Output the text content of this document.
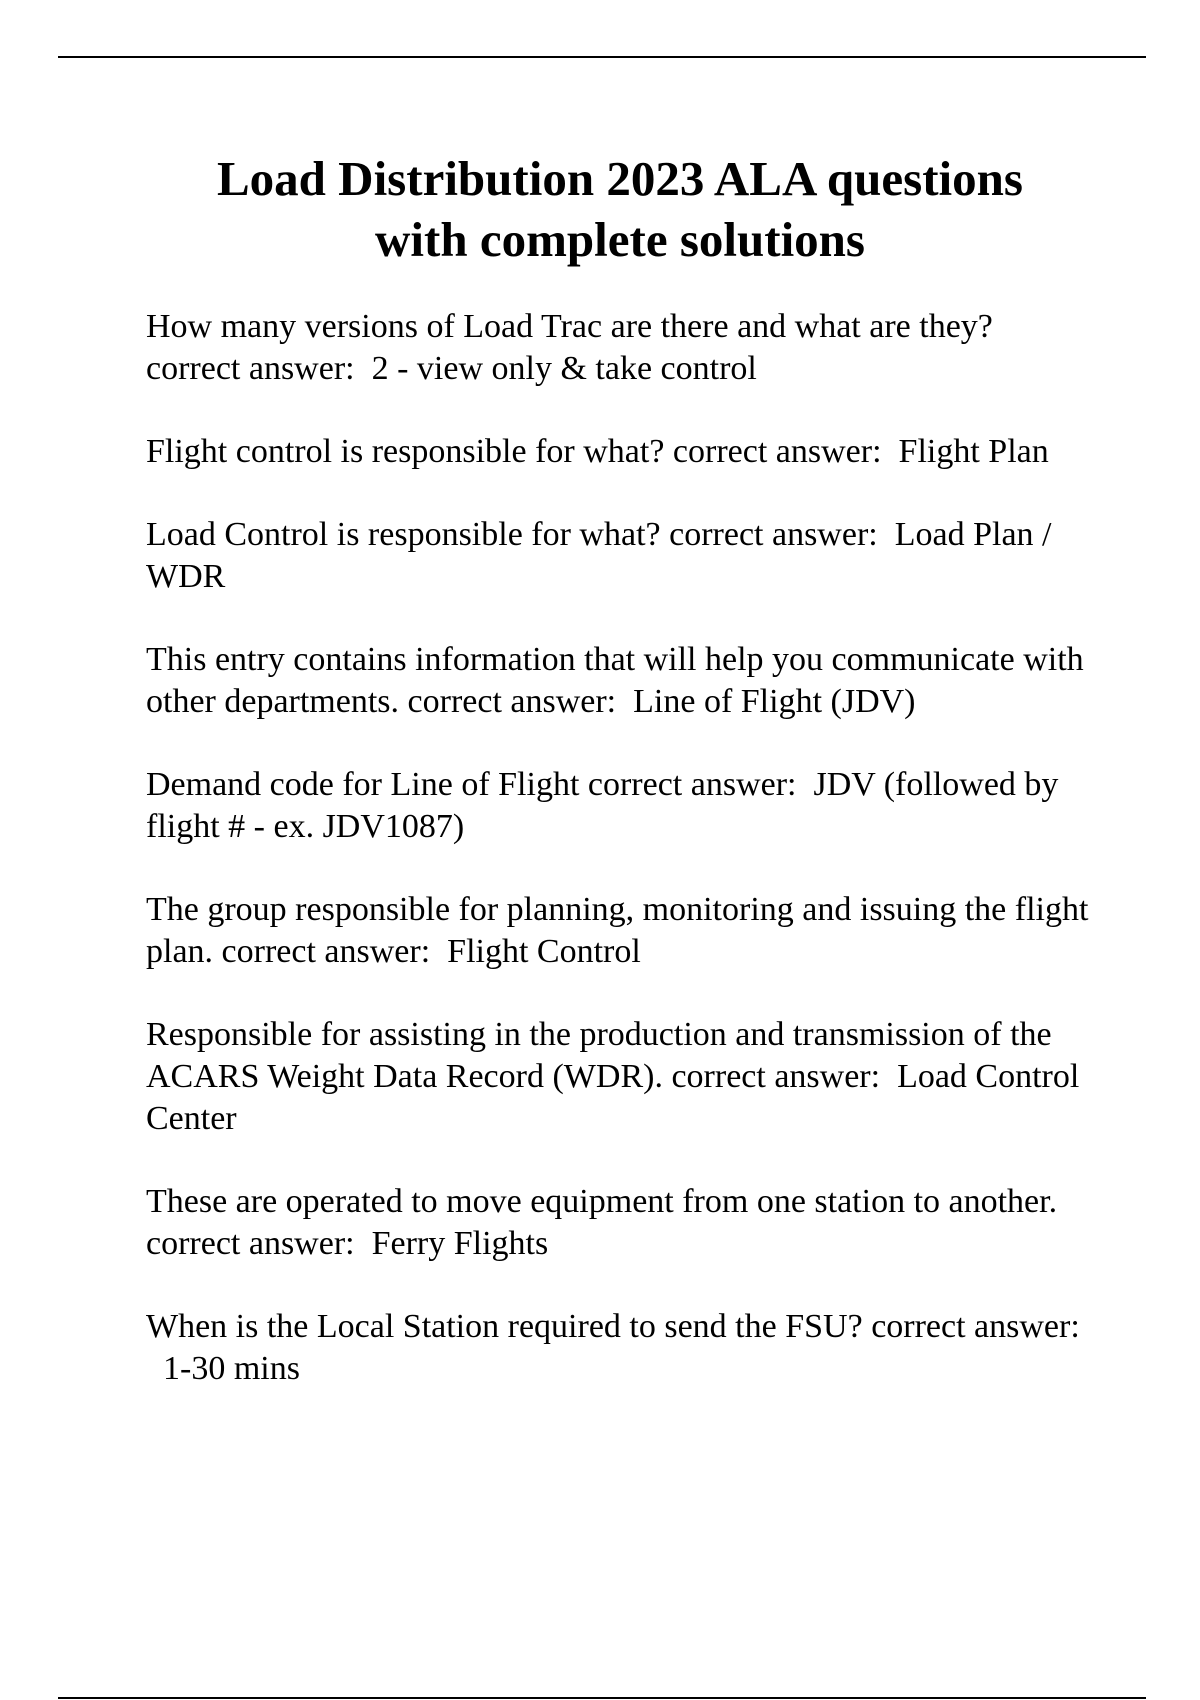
Load Distribution 2023 ALA questions
with complete solutions

How many versions of Load Trac are there and what are they? correct answer: 2 - view only & take control

Flight control is responsible for what? correct answer: Flight Plan

Load Control is responsible for what? correct answer: Load Plan / WDR

This entry contains information that will help you communicate with other departments. correct answer: Line of Flight (JDV)

Demand code for Line of Flight correct answer: JDV (followed by flight # - ex. JDV1087)

The group responsible for planning, monitoring and issuing the flight plan. correct answer: Flight Control

Responsible for assisting in the production and transmission of the ACARS Weight Data Record (WDR). correct answer: Load Control Center

These are operated to move equipment from one station to another. correct answer: Ferry Flights

When is the Local Station required to send the FSU? correct answer:  1-30 mins
